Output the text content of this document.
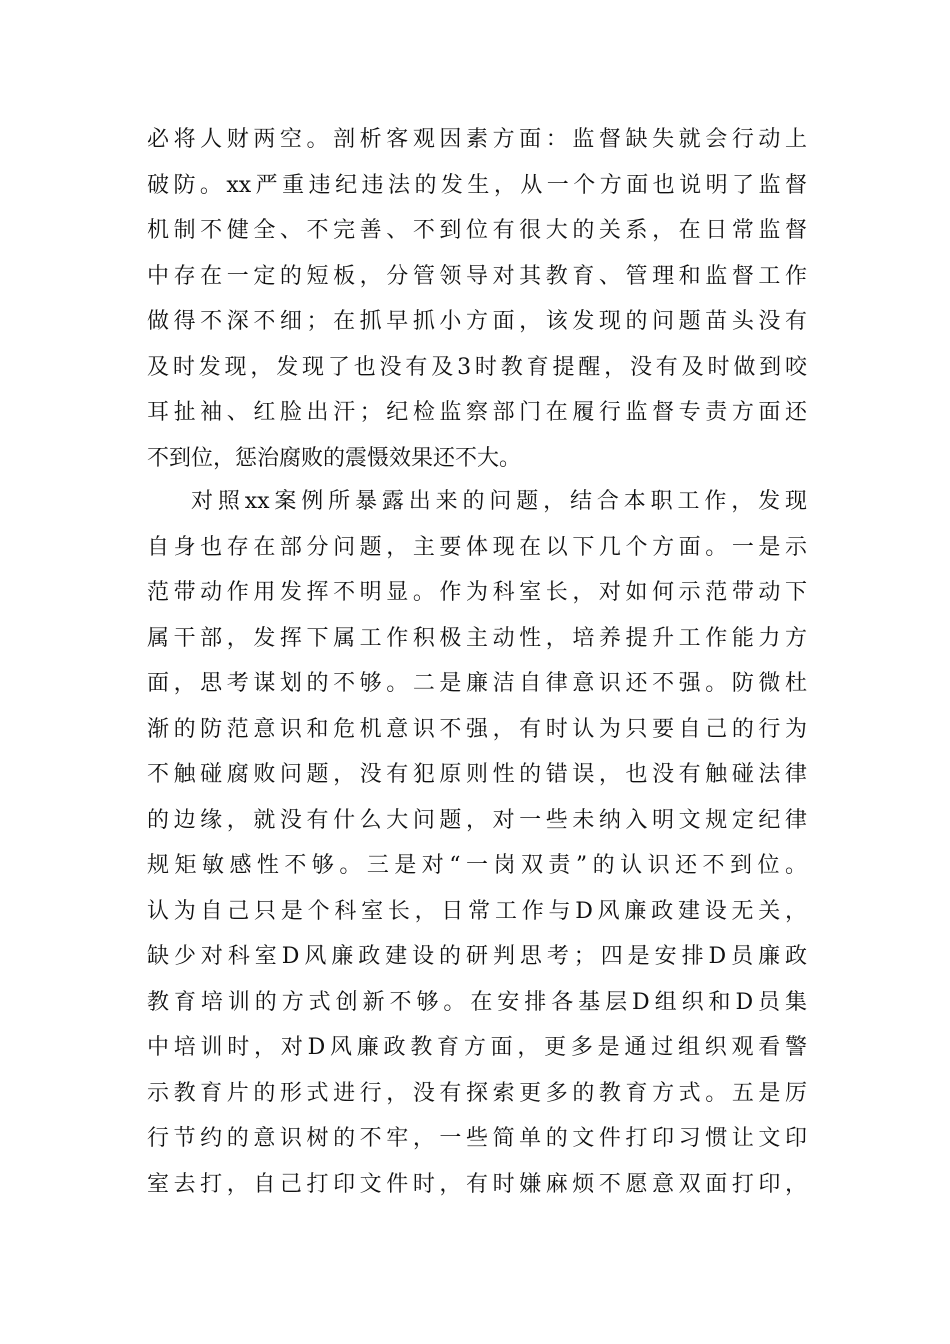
必将人财两空。剖析客观因素方面：监督缺失就会行动上
破防。xx严重违纪违法的发生，从一个方面也说明了监督
机制不健全、不完善、不到位有很大的关系，在日常监督
中存在一定的短板，分管领导对其教育、管理和监督工作
做得不深不细；在抓早抓小方面，该发现的问题苗头没有
及时发现，发现了也没有及3时教育提醒，没有及时做到咬
耳扯袖、红脸出汗；纪检监察部门在履行监督专责方面还
不到位，惩治腐败的震慑效果还不大。
对照xx案例所暴露出来的问题，结合本职工作，发现
自身也存在部分问题，主要体现在以下几个方面。一是示
范带动作用发挥不明显。作为科室长，对如何示范带动下
属干部，发挥下属工作积极主动性，培养提升工作能力方
面，思考谋划的不够。二是廉洁自律意识还不强。防微杜
渐的防范意识和危机意识不强，有时认为只要自己的行为
不触碰腐败问题，没有犯原则性的错误，也没有触碰法律
的边缘，就没有什么大问题，对一些未纳入明文规定纪律
规矩敏感性不够。三是对“一岗双责”的认识还不到位。
认为自己只是个科室长，日常工作与D风廉政建设无关，
缺少对科室D风廉政建设的研判思考；四是安排D员廉政
教育培训的方式创新不够。在安排各基层D组织和D员集
中培训时，对D风廉政教育方面，更多是通过组织观看警
示教育片的形式进行，没有探索更多的教育方式。五是厉
行节约的意识树的不牢，一些简单的文件打印习惯让文印
室去打，自己打印文件时，有时嫌麻烦不愿意双面打印，
